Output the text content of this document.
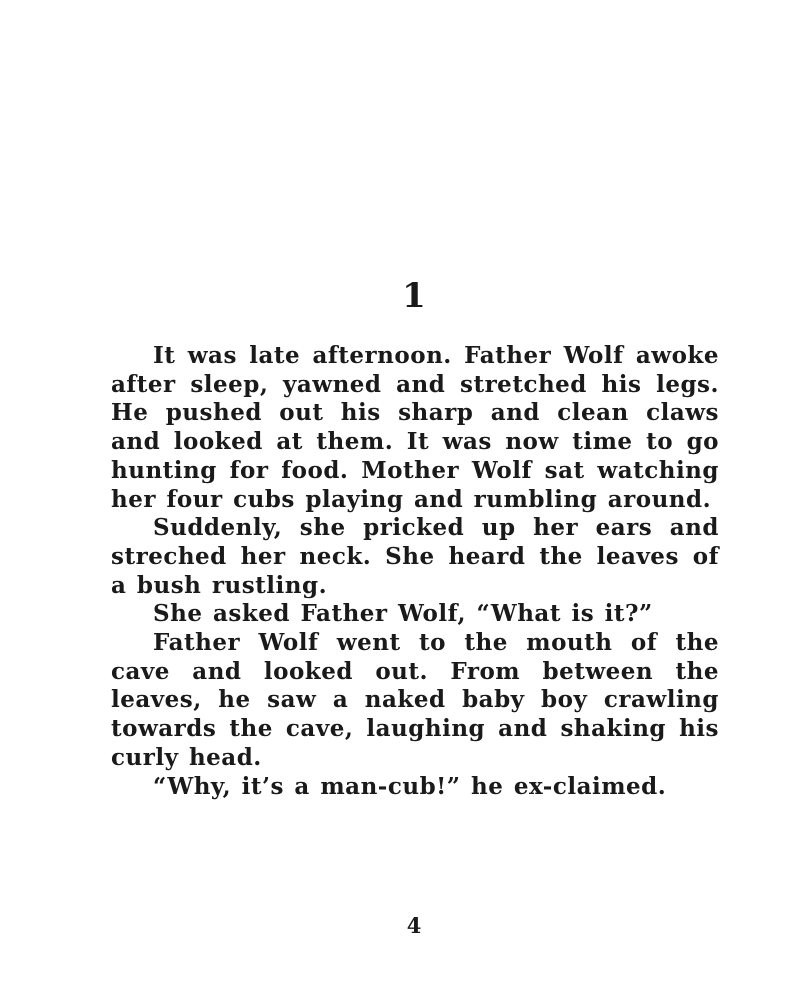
1

It was late afternoon. Father Wolf awoke after sleep, yawned and stretched his legs. He pushed out his sharp and clean claws and looked at them. It was now time to go hunting for food. Mother Wolf sat watching her four cubs playing and rumbling around.

Suddenly, she pricked up her ears and streched her neck. She heard the leaves of a bush rustling.

She asked Father Wolf, “What is it?”

Father Wolf went to the mouth of the cave and looked out. From between the leaves, he saw a naked baby boy crawling towards the cave, laughing and shaking his curly head.

“Why, it’s a man-cub!” he ex-claimed.

4
